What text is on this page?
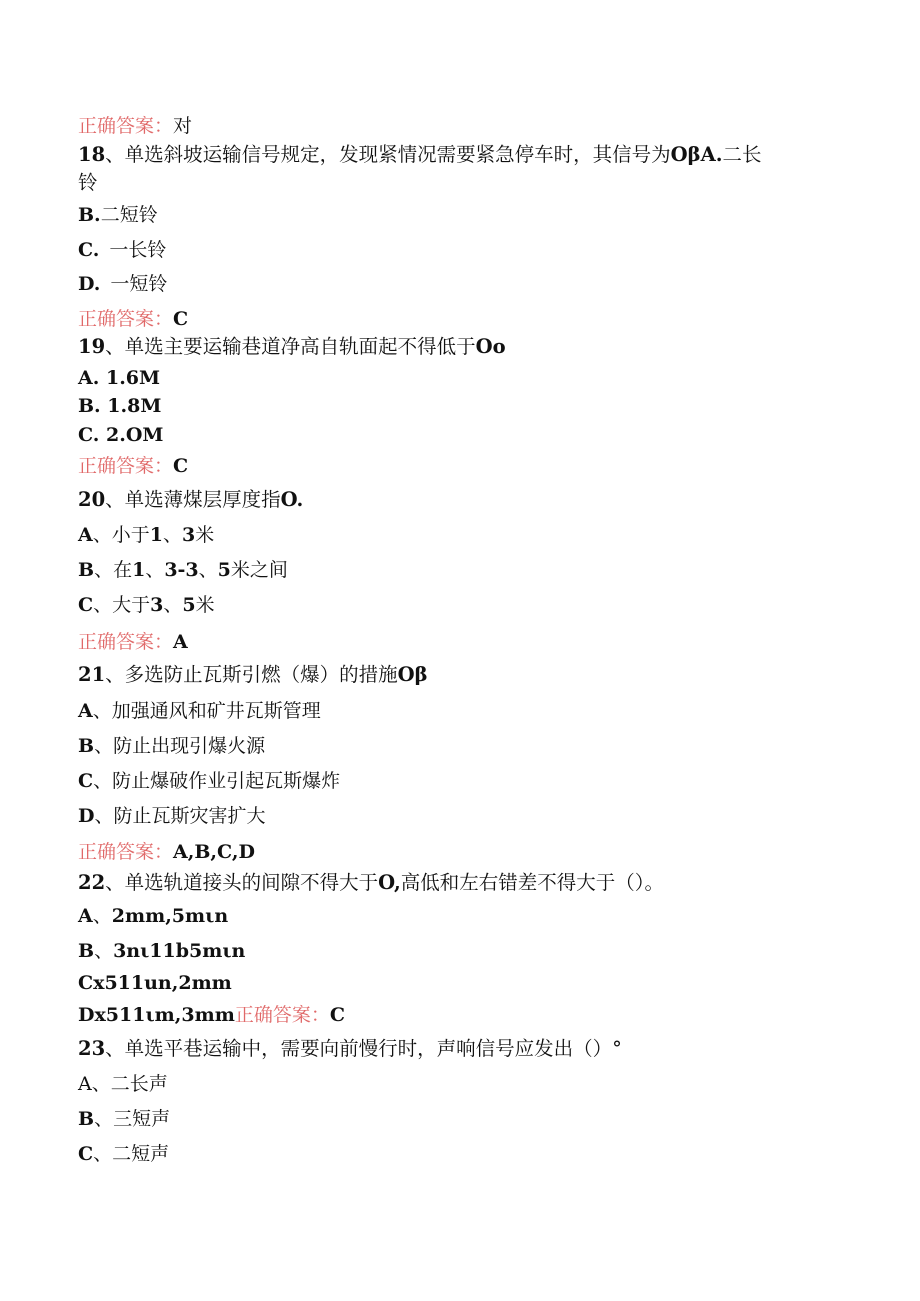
正确答案：对
18、单选斜坡运输信号规定，发现紧情况需要紧急停车时，其信号为OβA.二长
铃
B.二短铃
C. 一长铃
D. 一短铃
正确答案：C
19、单选主要运输巷道净高自轨面起不得低于Oo
A. 1.6M
B. 1.8M
C. 2.OM
正确答案：C
20、单选薄煤层厚度指O.
A、小于1、3米
B、在1、3-3、5米之间
C、大于3、5米
正确答案：A
21、多选防止瓦斯引燃（爆）的措施Oβ
A、加强通风和矿井瓦斯管理
B、防止出现引爆火源
C、防止爆破作业引起瓦斯爆炸
D、防止瓦斯灾害扩大
正确答案：A,B,C,D
22、单选轨道接头的间隙不得大于O,高低和左右错差不得大于（）。
A、2mm,5mιn
B、3nι11b5mιn
Cx511un,2mm
Dx511ιm,3mm正确答案：C
23、单选平巷运输中，需要向前慢行时，声响信号应发出（）°
A、二长声
B、三短声
C、二短声
